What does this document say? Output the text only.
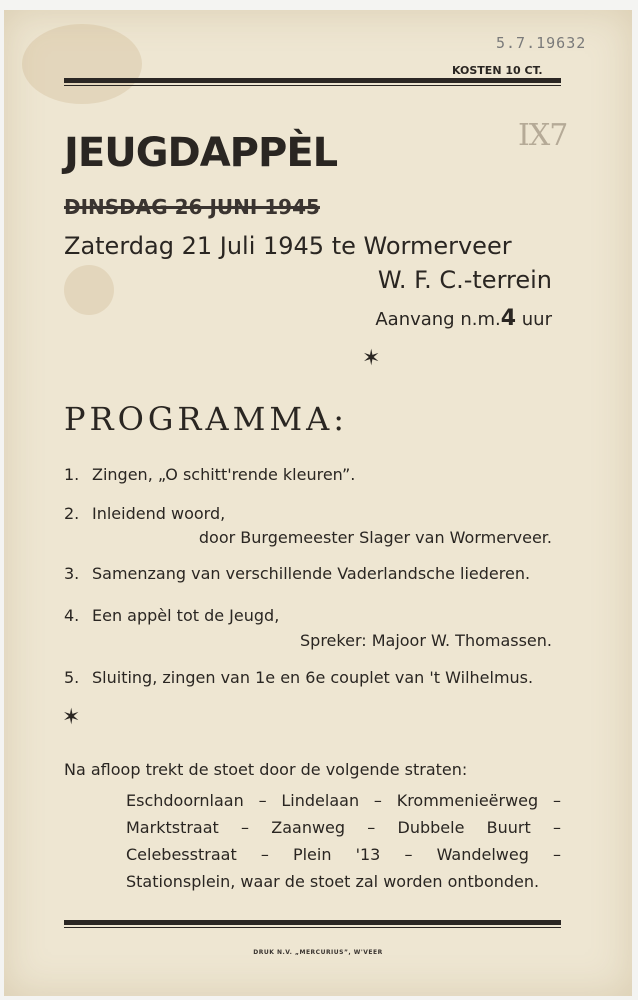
5.7.19632
KOSTEN 10 CT.
IX7
JEUGDAPPÈL
DINSDAG 26 JUNI 1945
Zaterdag 21 Juli 1945 te Wormerveer
W. F. C.-terrein
Aanvang n.m.4 uur
✶
PROGRAMMA:
1. Zingen, „O schitt'rende kleuren”.
2. Inleidend woord,
door Burgemeester Slager van Wormerveer.
3. Samenzang van verschillende Vaderlandsche liederen.
4. Een appèl tot de Jeugd,
Spreker: Majoor W. Thomassen.
5. Sluiting, zingen van 1e en 6e couplet van 't Wilhelmus.
✶
Na afloop trekt de stoet door de volgende straten:
Eschdoornlaan – Lindelaan – Krommenieërweg – Marktstraat – Zaanweg – Dubbele Buurt – Celebesstraat – Plein '13 – Wandelweg – Stationsplein, waar de stoet zal worden ontbonden.
DRUK N.V. „MERCURIUS”, W'VEER
